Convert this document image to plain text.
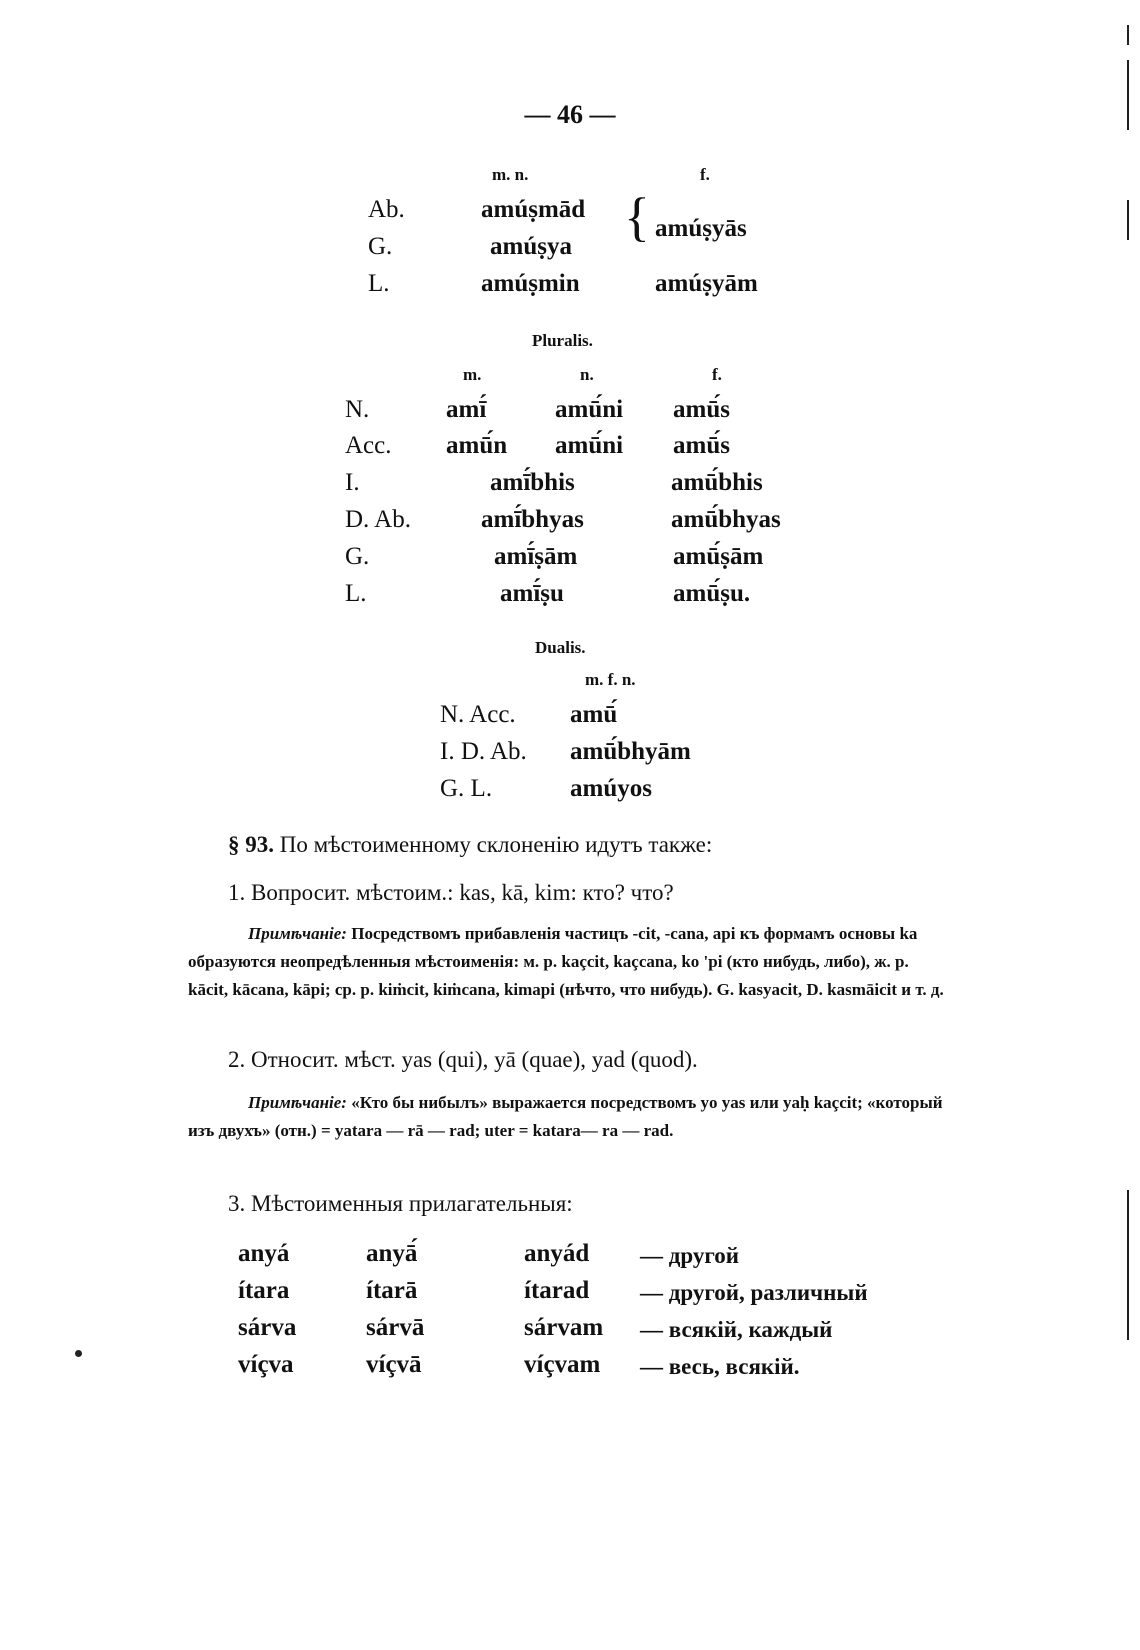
— 46 —
m. n.	f.
Ab.	amúṣmād
G.	amúṣya { amúṣyās
L.	amúṣmin	amúṣyām
Pluralis.
m.	n.	f.
N.	amī́	amū́ni amū́s
Acc. amū́n amū́ni amū́s
I.	amī́bhis	amū́bhis
D. Ab.	amī́bhyas	amū́bhyas
G.	amī́ṣām	amū́ṣām
L.	amī́ṣu	amū́ṣu.
Dualis.
m. f. n.
N. Acc. amū́
I. D. Ab. amū́bhyām
G. L.	amúyos
§ 93. По мѣстоименному склоненію идутъ также:
1. Вопросит. мѣстоим.: kas, kā, kim: кто? что?
Примѣчаніе: Посредствомъ прибавленія частицъ -cit, -cana, api къ формамъ основы ka образуются неопредѣленныя мѣстоименія: м. р. kaçcit, kaçcana, ko 'pi (кто нибудь, либо), ж. р. kācit, kācana, kāpi; ср. р. kiṁcit, kiṁcana, kimapi (нѣчто, что нибудь). G. kasyacit, D. kasmāicit и т. д.
2. Относит. мѣст. yas (qui), yā (quae), yad (quod).
Примѣчаніе: «Кто бы нибылъ» выражается посредствомъ yo yas или yaḥ kaçcit; «который изъ двухъ» (отн.) = yatara — rā — rad; uter = katara— ra — rad.
3. Мѣстоименныя прилагательныя:
anyá	anyā́	anyád — другой
ítara	ítarā	ítarad — другой, различный
sárva	sárvā	sárvam — всякій, каждый
víçva	víçvā	víçvam — весь, всякій.
